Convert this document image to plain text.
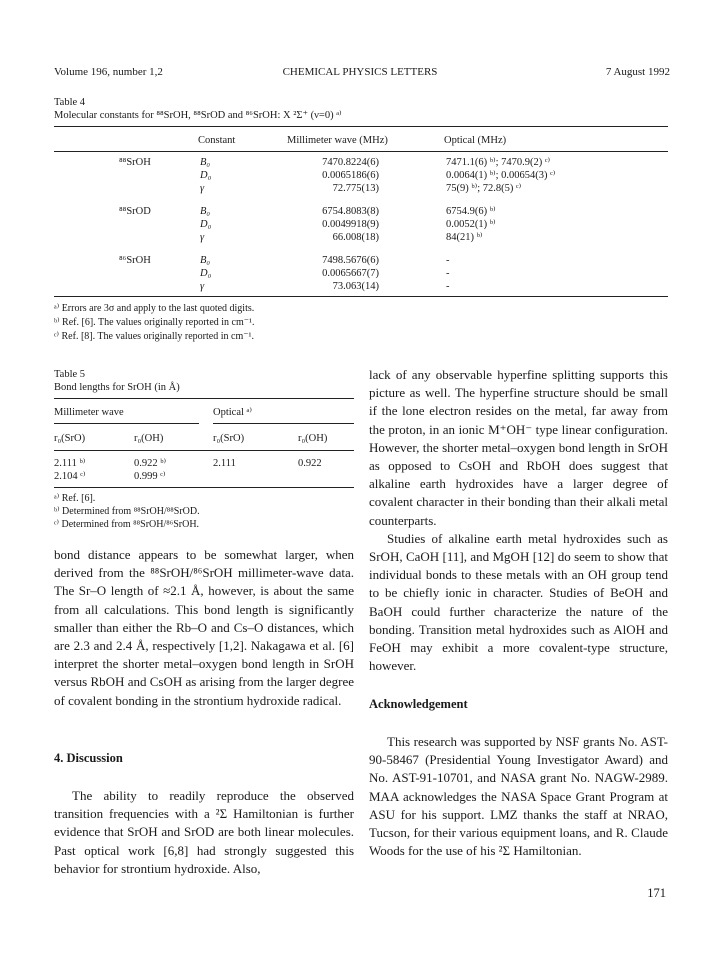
Volume 196, number 1,2	CHEMICAL PHYSICS LETTERS	7 August 1992
Table 4
Molecular constants for ⁸⁸SrOH, ⁸⁸SrOD and ⁸⁶SrOH: X ²Σ⁺ (ν=0) ᵃ⁾
Constant	Millimeter wave (MHz)	Optical (MHz)
⁸⁸SrOH	B₀	7470.8224(6)	7471.1(6) ᵇ⁾; 7470.9(2) ᶜ⁾
D₀	0.0065186(6)	0.0064(1) ᵇ⁾; 0.00654(3) ᶜ⁾
γ	72.775(13)	75(9) ᵇ⁾; 72.8(5) ᶜ⁾
⁸⁸SrOD	B₀	6754.8083(8)	6754.9(6) ᵇ⁾
D₀	0.0049918(9)	0.0052(1) ᵇ⁾
γ	66.008(18)	84(21) ᵇ⁾
⁸⁶SrOH	B₀	7498.5676(6)	-
D₀	0.0065667(7)	-
γ	73.063(14)	-
ᵃ⁾ Errors are 3σ and apply to the last quoted digits.
ᵇ⁾ Ref. [6]. The values originally reported in cm⁻¹.
ᶜ⁾ Ref. [8]. The values originally reported in cm⁻¹.
Table 5
Bond lengths for SrOH (in Å)
Millimeter wave	Optical ᵃ⁾
r₀(SrO)	r₀(OH)	r₀(SrO)	r₀(OH)
2.111 ᵇ⁾	0.922 ᵇ⁾	2.111	0.922
2.104 ᶜ⁾	0.999 ᶜ⁾
ᵃ⁾ Ref. [6].
ᵇ⁾ Determined from ⁸⁸SrOH/⁸⁸SrOD.
ᶜ⁾ Determined from ⁸⁸SrOH/⁸⁶SrOH.

bond distance appears to be somewhat larger, when derived from the ⁸⁸SrOH/⁸⁶SrOH millimeter-wave data. The Sr–O length of ≈2.1 Å, however, is about the same from all calculations. This bond length is significantly smaller than either the Rb–O and Cs–O distances, which are 2.3 and 2.4 Å, respectively [1,2]. Nakagawa et al. [6] interpret the shorter metal–oxygen bond length in SrOH versus RbOH and CsOH as arising from the larger degree of covalent bonding in the strontium hydroxide radical.

4. Discussion

The ability to readily reproduce the observed transition frequencies with a ²Σ Hamiltonian is further evidence that SrOH and SrOD are both linear molecules. Past optical work [6,8] had strongly suggested this behavior for strontium hydroxide. Also,

lack of any observable hyperfine splitting supports this picture as well. The hyperfine structure should be small if the lone electron resides on the metal, far away from the proton, in an ionic M⁺OH⁻ type linear configuration. However, the shorter metal–oxygen bond length in SrOH as opposed to CsOH and RbOH does suggest that alkaline earth hydroxides have a larger degree of covalent character in their bonding than their alkali metal counterparts.

Studies of alkaline earth metal hydroxides such as SrOH, CaOH [11], and MgOH [12] do seem to show that individual bonds to these metals with an OH group tend to be chiefly ionic in character. Studies of BeOH and BaOH could further characterize the nature of the bonding. Transition metal hydroxides such as AlOH and FeOH may exhibit a more covalent-type structure, however.

Acknowledgement

This research was supported by NSF grants No. AST-90-58467 (Presidential Young Investigator Award) and No. AST-91-10701, and NASA grant No. NAGW-2989. MAA acknowledges the NASA Space Grant Program at ASU for his support. LMZ thanks the staff at NRAO, Tucson, for their various equipment loans, and R. Claude Woods for the use of his ²Σ Hamiltonian.

171
